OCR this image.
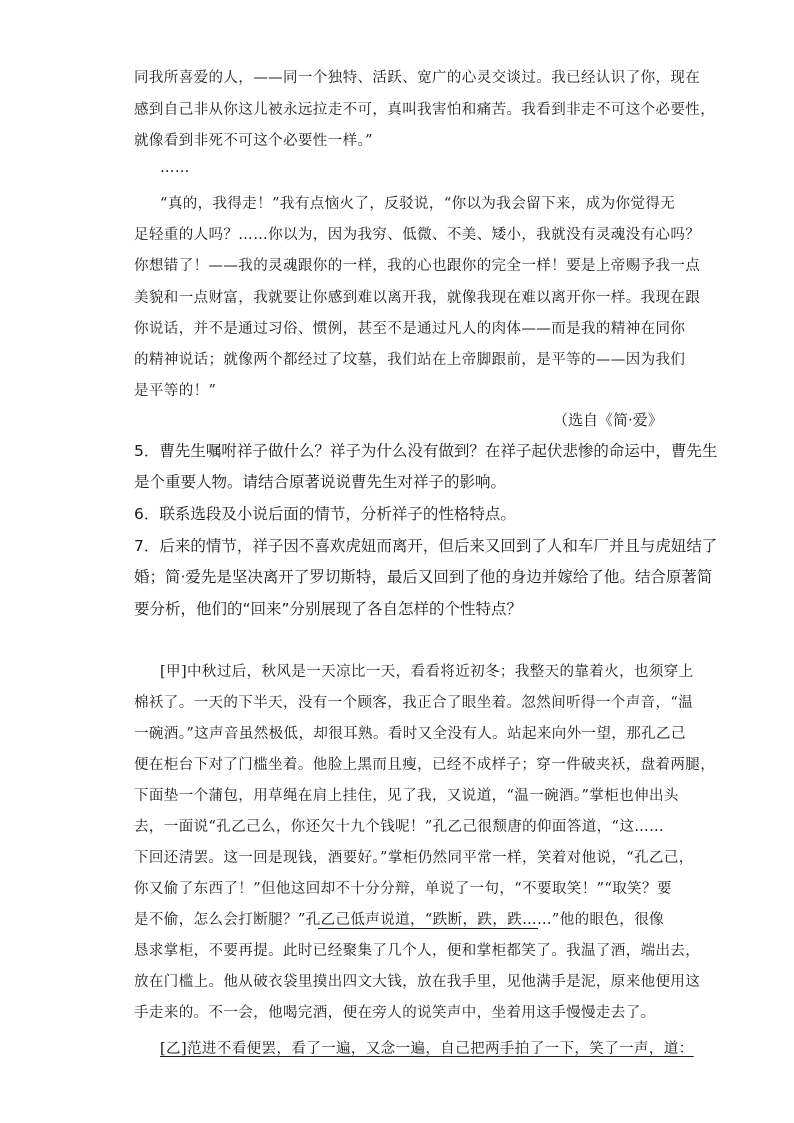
同我所喜爱的人，——同一个独特、活跃、宽广的心灵交谈过。我已经认识了你，现在
感到自己非从你这儿被永远拉走不可，真叫我害怕和痛苦。我看到非走不可这个必要性，
就像看到非死不可这个必要性一样。”
……
“真的，我得走！”我有点恼火了，反驳说，“你以为我会留下来，成为你觉得无
足轻重的人吗？……你以为，因为我穷、低微、不美、矮小，我就没有灵魂没有心吗？
你想错了！——我的灵魂跟你的一样，我的心也跟你的完全一样！要是上帝赐予我一点
美貌和一点财富，我就要让你感到难以离开我，就像我现在难以离开你一样。我现在跟
你说话，并不是通过习俗、惯例，甚至不是通过凡人的肉体——而是我的精神在同你
的精神说话；就像两个都经过了坟墓，我们站在上帝脚跟前，是平等的——因为我们
是平等的！”
（选自《简·爱》
5．曹先生嘱咐祥子做什么？祥子为什么没有做到？在祥子起伏悲惨的命运中，曹先生
是个重要人物。请结合原著说说曹先生对祥子的影响。
6．联系选段及小说后面的情节，分析祥子的性格特点。
7．后来的情节，祥子因不喜欢虎妞而离开，但后来又回到了人和车厂并且与虎妞结了
婚；简·爱先是坚决离开了罗切斯特，最后又回到了他的身边并嫁给了他。结合原著简
要分析，他们的“回来”分别展现了各自怎样的个性特点？
[甲]中秋过后，秋风是一天凉比一天，看看将近初冬；我整天的靠着火，也须穿上
棉袄了。一天的下半天，没有一个顾客，我正合了眼坐着。忽然间听得一个声音，“温
一碗酒。”这声音虽然极低，却很耳熟。看时又全没有人。站起来向外一望，那孔乙己
便在柜台下对了门槛坐着。他脸上黑而且瘦，已经不成样子；穿一件破夹袄，盘着两腿，
下面垫一个蒲包，用草绳在肩上挂住，见了我，又说道，“温一碗酒。”掌柜也伸出头
去，一面说“孔乙己么，你还欠十九个钱呢！”孔乙己很颓唐的仰面答道，“这……
下回还清罢。这一回是现钱，酒要好。”掌柜仍然同平常一样，笑着对他说，“孔乙己，
你又偷了东西了！”但他这回却不十分分辩，单说了一句，“不要取笑！”“取笑？要
是不偷，怎么会打断腿？”孔乙己低声说道，“跌断，跌，跌……”他的眼色，很像
恳求掌柜，不要再提。此时已经聚集了几个人，便和掌柜都笑了。我温了酒，端出去，
放在门槛上。他从破衣袋里摸出四文大钱，放在我手里，见他满手是泥，原来他便用这
手走来的。不一会，他喝完酒，便在旁人的说笑声中，坐着用这手慢慢走去了。
[乙]范进不看便罢，看了一遍，又念一遍，自己把两手拍了一下，笑了一声，道：
